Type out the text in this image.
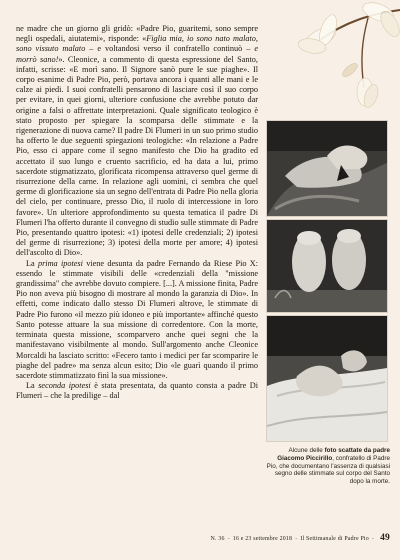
ne madre che un giorno gli gridò: «Padre Pio, guaritemi, sono sempre negli ospedali, aiutatemi», risponde: «Figlia mia, io sono nato malato, sono vissuto malato – e voltandosi verso il confratello continuò – e morrò sano!». Cleonice, a commento di questa espressione del Santo, infatti, scrisse: «E morì sano. Il Signore sanò pure le sue piaghe». Il corpo esanime di Padre Pio, però, portava ancora i quanti alle mani e le calze ai piedi. I suoi confratelli pensarono di lasciare così il suo corpo per evitare, in quei giorni, ulteriore confusione che avrebbe potuto dar origine a falsi o affrettate interpretazioni. Quale significato teologico è stato proposto per spiegare la scomparsa delle stimmate e la rigenerazione di nuova carne? Il padre Di Flumeri in un suo primo studio ha offerto le due seguenti spiegazioni teologiche: «In relazione a Padre Pio, esso ci appare come il segno manifesto che Dio ha gradito ed accettato il suo lungo e cruento sacrificio, ed ha data a lui, primo sacerdote stigmatizzato, glorificata ricompensa attraverso quel germe di risurrezione della carne. In relazione agli uomini, ci sembra che quel germe di glorificazione sia un segno dell'entrata di Padre Pio nella gloria del cielo, per continuare, presso Dio, il ruolo di intercessione in loro favore». Un ulteriore approfondimento su questa tematica il padre Di Flumeri l'ha offerto durante il convegno di studio sulle stimmate di Padre Pio, presentando quattro ipotesi: «1) ipotesi delle credenziali; 2) ipotesi del germe di risurrezione; 3) ipotesi della morte per amore; 4) ipotesi dell'ascolto di Dio».

La prima ipotesi viene desunta da padre Fernando da Riese Pio X: essendo le stimmate visibili delle «credenziali della "missione grandissima" che avrebbe dovuto compiere. [...]. A missione finita, Padre Pio non aveva più bisogno di mostrare al mondo la garanzia di Dio». In effetti, come indicato dallo stesso Di Flumeri altrove, le stimmate di Padre Pio furono «il mezzo più idoneo e più importante» affinché questo Santo potesse attuare la sua missione di corredentore. Con la morte, terminata questa missione, scomparvero anche quei segni che la manifestavano visibilmente al mondo. Sull'argomento anche Cleonice Morcaldi ha lasciato scritto: «Fecero tanto i medici per far scomparire le piaghe del padre» ma senza alcun esito; Dio «le guarì quando il primo sacerdote stimmatizzato finì la sua missione».

La seconda ipotesi è stata presentata, da quanto consta a padre Di Flumeri – che la predilige – dal

Alcune delle foto scattate da padre Giacomo Piccirillo, confratello di Padre Pio, che documentano l'assenza di qualsiasi segno delle stimmate sul corpo del Santo dopo la morte.
N. 36 - 16 e 23 settembre 2018 - Il Settimanale di Padre Pio - 49
